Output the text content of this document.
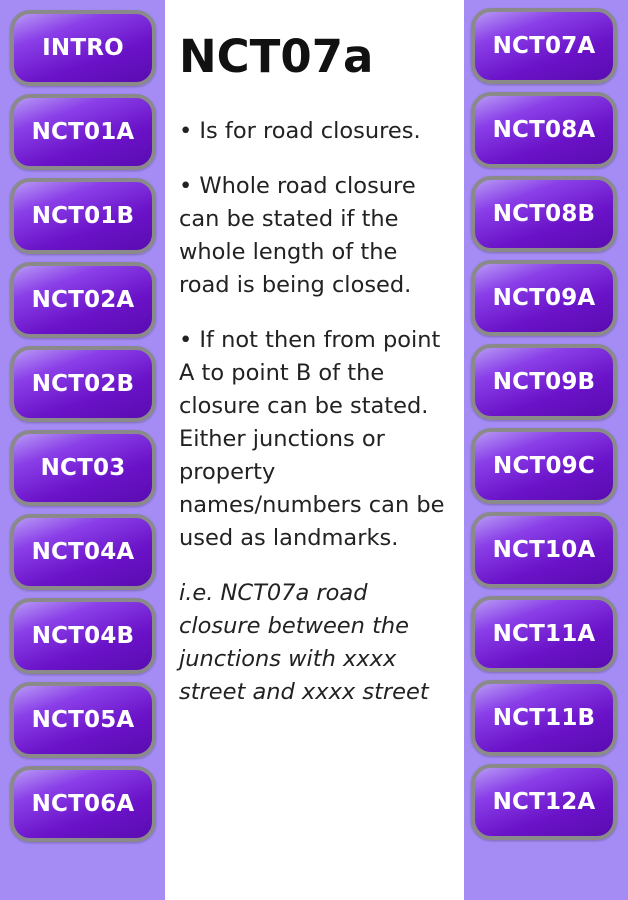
INTRO
NCT01A
NCT01B
NCT02A
NCT02B
NCT03
NCT04A
NCT04B
NCT05A
NCT06A
NCT07a

• Is for road closures.

• Whole road closure can be stated if the whole length of the road is being closed.

• If not then from point A to point B of the closure can be stated. Either junctions or property names/numbers can be used as landmarks.

i.e. NCT07a road closure between the junctions with xxxx street and xxxx street

NCT07A
NCT08A
NCT08B
NCT09A
NCT09B
NCT09C
NCT10A
NCT11A
NCT11B
NCT12A
